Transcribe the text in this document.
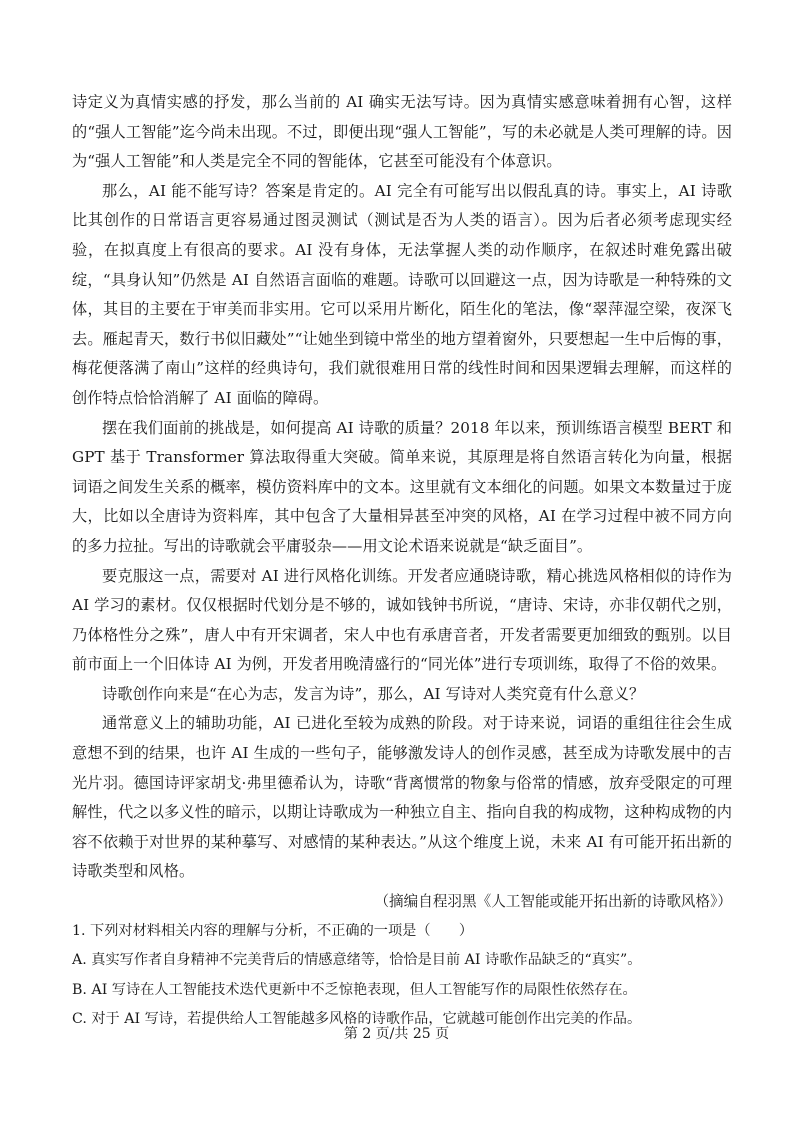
诗定义为真情实感的抒发，那么当前的 AI 确实无法写诗。因为真情实感意味着拥有心智，这样的“强人工智能”迄今尚未出现。不过，即便出现“强人工智能”，写的未必就是人类可理解的诗。因为“强人工智能”和人类是完全不同的智能体，它甚至可能没有个体意识。

那么，AI 能不能写诗？答案是肯定的。AI 完全有可能写出以假乱真的诗。事实上，AI 诗歌比其创作的日常语言更容易通过图灵测试（测试是否为人类的语言）。因为后者必须考虑现实经验，在拟真度上有很高的要求。AI 没有身体，无法掌握人类的动作顺序，在叙述时难免露出破绽，“具身认知”仍然是 AI 自然语言面临的难题。诗歌可以回避这一点，因为诗歌是一种特殊的文体，其目的主要在于审美而非实用。它可以采用片断化，陌生化的笔法，像“翠萍湿空梁，夜深飞去。雁起青天，数行书似旧藏处”“让她坐到镜中常坐的地方望着窗外，只要想起一生中后悔的事，梅花便落满了南山”这样的经典诗句，我们就很难用日常的线性时间和因果逻辑去理解，而这样的创作特点恰恰消解了 AI 面临的障碍。

摆在我们面前的挑战是，如何提高 AI 诗歌的质量？2018 年以来，预训练语言模型 BERT 和 GPT 基于 Transformer 算法取得重大突破。简单来说，其原理是将自然语言转化为向量，根据词语之间发生关系的概率，模仿资料库中的文本。这里就有文本细化的问题。如果文本数量过于庞大，比如以全唐诗为资料库，其中包含了大量相异甚至冲突的风格，AI 在学习过程中被不同方向的多力拉扯。写出的诗歌就会平庸驳杂——用文论术语来说就是“缺乏面目”。

要克服这一点，需要对 AI 进行风格化训练。开发者应通晓诗歌，精心挑选风格相似的诗作为 AI 学习的素材。仅仅根据时代划分是不够的，诚如钱钟书所说，“唐诗、宋诗，亦非仅朝代之别，乃体格性分之殊”，唐人中有开宋调者，宋人中也有承唐音者，开发者需要更加细致的甄别。以目前市面上一个旧体诗 AI 为例，开发者用晚清盛行的“同光体”进行专项训练，取得了不俗的效果。

诗歌创作向来是“在心为志，发言为诗”，那么，AI 写诗对人类究竟有什么意义？

通常意义上的辅助功能，AI 已进化至较为成熟的阶段。对于诗来说，词语的重组往往会生成意想不到的结果，也许 AI 生成的一些句子，能够激发诗人的创作灵感，甚至成为诗歌发展中的吉光片羽。德国诗评家胡戈·弗里德希认为，诗歌“背离惯常的物象与俗常的情感，放弃受限定的可理解性，代之以多义性的暗示，以期让诗歌成为一种独立自主、指向自我的构成物，这种构成物的内容不依赖于对世界的某种摹写、对感情的某种表达。”从这个维度上说，未来 AI 有可能开拓出新的诗歌类型和风格。

（摘编自程羽黑《人工智能或能开拓出新的诗歌风格》）

1. 下列对材料相关内容的理解与分析，不正确的一项是（　　）

A. 真实写作者自身精神不完美背后的情感意绪等，恰恰是目前 AI 诗歌作品缺乏的“真实”。

B. AI 写诗在人工智能技术迭代更新中不乏惊艳表现，但人工智能写作的局限性依然存在。

C. 对于 AI 写诗，若提供给人工智能越多风格的诗歌作品，它就越可能创作出完美的作品。

第 2 页/共 25 页
